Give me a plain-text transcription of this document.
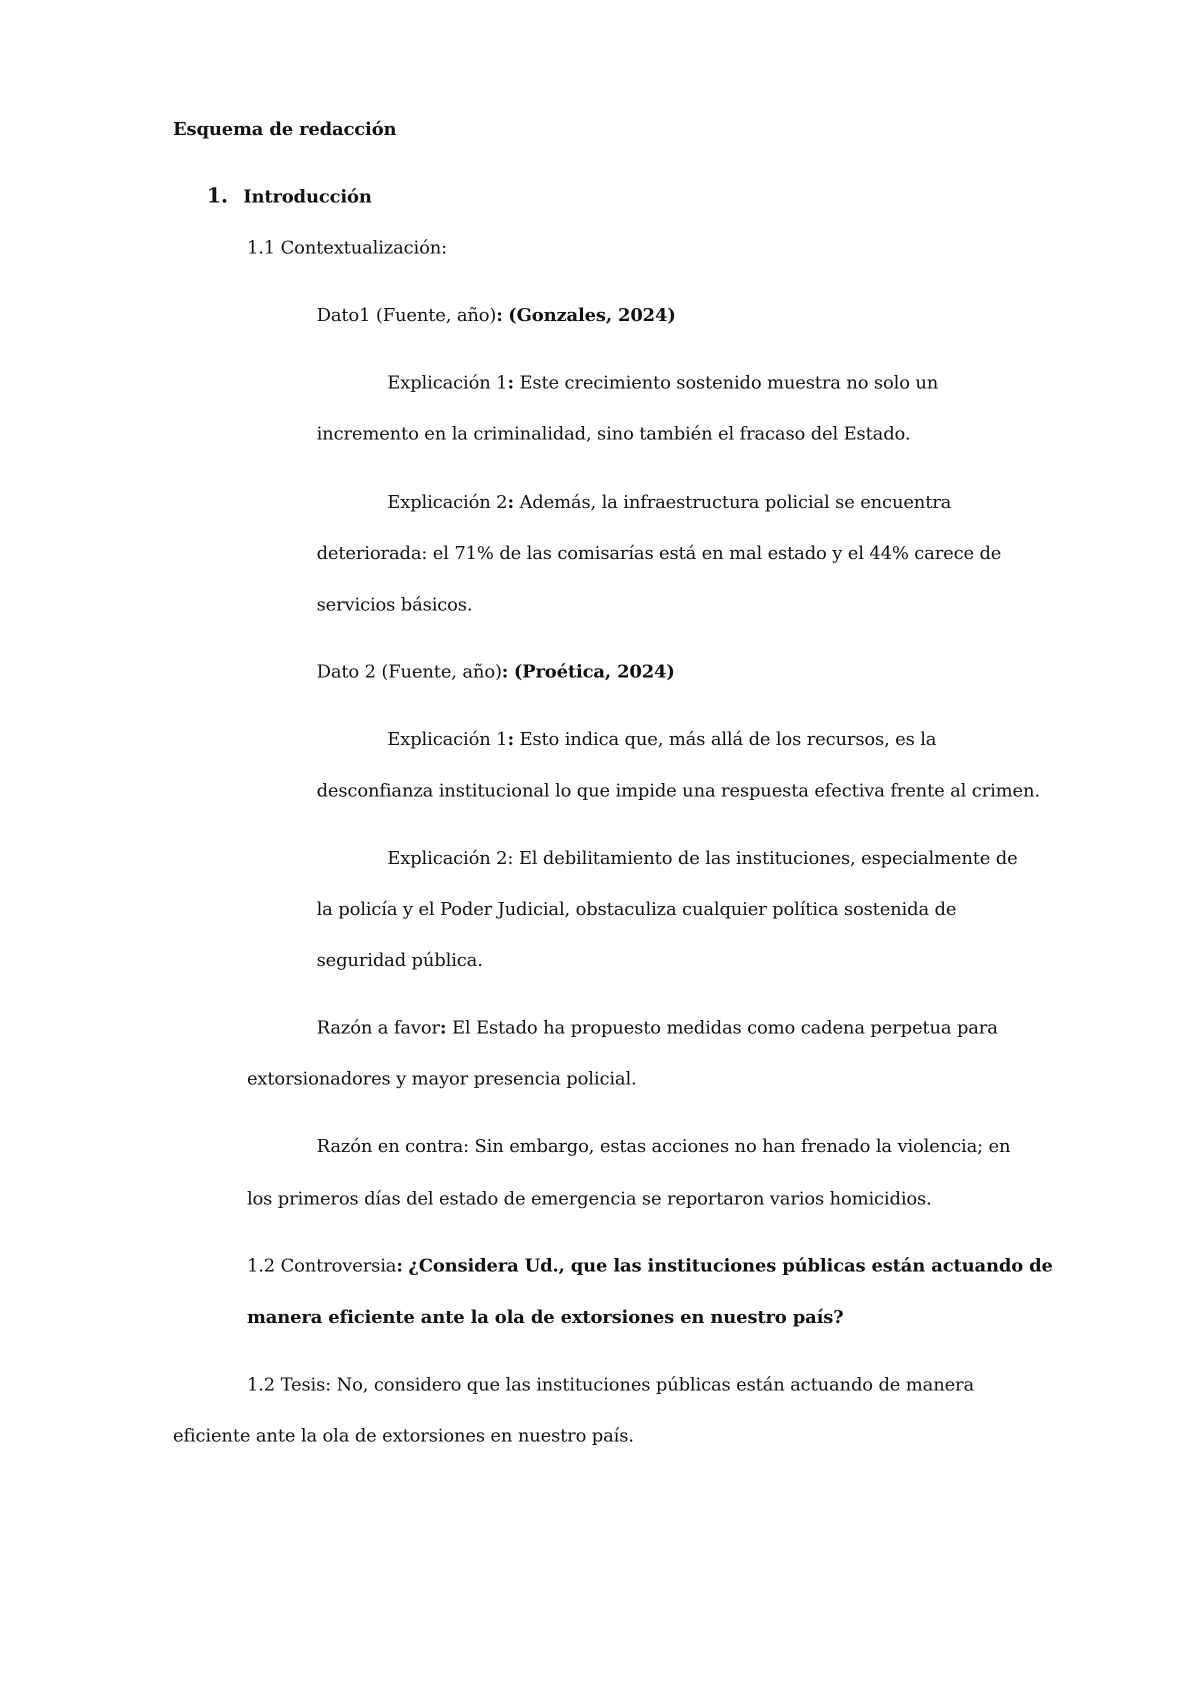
Esquema de redacción

1. Introducción

1.1 Contextualización:

Dato1 (Fuente, año): (Gonzales, 2024)

Explicación 1: Este crecimiento sostenido muestra no solo un

incremento en la criminalidad, sino también el fracaso del Estado.

Explicación 2: Además, la infraestructura policial se encuentra

deteriorada: el 71% de las comisarías está en mal estado y el 44% carece de

servicios básicos.

Dato 2 (Fuente, año): (Proética, 2024)

Explicación 1: Esto indica que, más allá de los recursos, es la

desconfianza institucional lo que impide una respuesta efectiva frente al crimen.

Explicación 2: El debilitamiento de las instituciones, especialmente de

la policía y el Poder Judicial, obstaculiza cualquier política sostenida de

seguridad pública.

Razón a favor: El Estado ha propuesto medidas como cadena perpetua para

extorsionadores y mayor presencia policial.

Razón en contra: Sin embargo, estas acciones no han frenado la violencia; en

los primeros días del estado de emergencia se reportaron varios homicidios.

1.2 Controversia: ¿Considera Ud., que las instituciones públicas están actuando de

manera eficiente ante la ola de extorsiones en nuestro país?

1.2 Tesis: No, considero que las instituciones públicas están actuando de manera

eficiente ante la ola de extorsiones en nuestro país.
